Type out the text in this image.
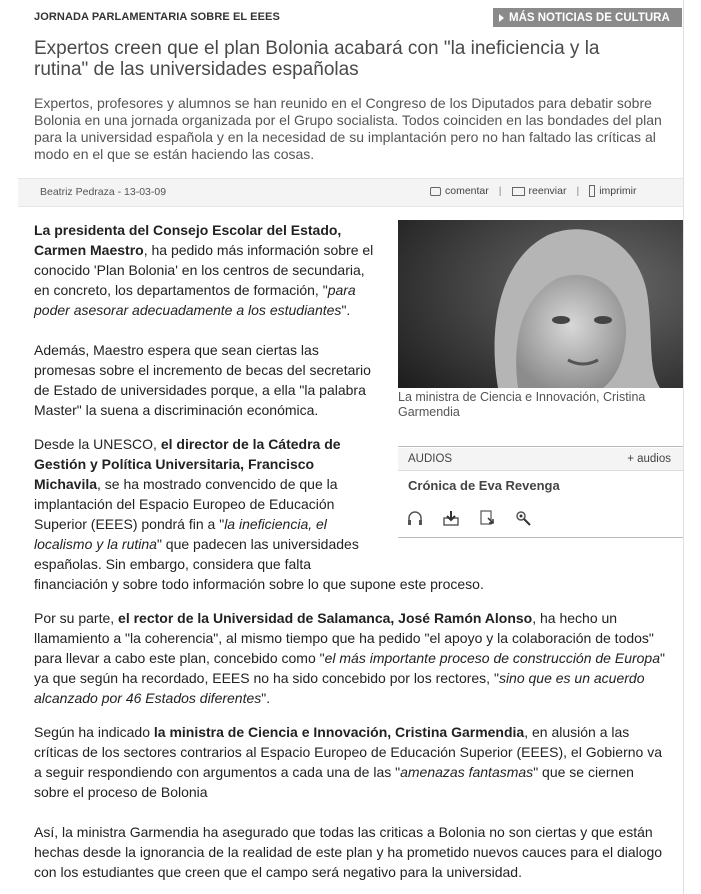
JORNADA PARLAMENTARIA SOBRE EL EEES	MÁS NOTICIAS DE CULTURA
Expertos creen que el plan Bolonia acabará con "la ineficiencia y la rutina" de las universidades españolas
Expertos, profesores y alumnos se han reunido en el Congreso de los Diputados para debatir sobre Bolonia en una jornada organizada por el Grupo socialista. Todos coinciden en las bondades del plan para la universidad española y en la necesidad de su implantación pero no han faltado las críticas al modo en el que se están haciendo las cosas.
Beatriz Pedraza - 13-03-09	comentar |	reenviar | imprimir
La presidenta del Consejo Escolar del Estado,
Carmen Maestro, ha pedido más información sobre el
conocido 'Plan Bolonia' en los centros de secundaria,
en concreto, los departamentos de formación, "para
poder asesorar adecuadamente a los estudiantes".
Además, Maestro espera que sean ciertas las
promesas sobre el incremento de becas del secretario
de Estado de universidades porque, a ella "la palabra
Master" la suena a discriminación económica.
Desde la UNESCO, el director de la Cátedra de
Gestión y Política Universitaria, Francisco
Michavila, se ha mostrado convencido de que la
implantación del Espacio Europeo de Educación
Superior (EEES) pondrá fin a "la ineficiencia, el
localismo y la rutina" que padecen las universidades
españolas. Sin embargo, considera que falta
financiación y sobre todo información sobre lo que supone este proceso.
Por su parte, el rector de la Universidad de Salamanca, José Ramón Alonso, ha hecho un
llamamiento a "la coherencia", al mismo tiempo que ha pedido "el apoyo y la colaboración de todos"
para llevar a cabo este plan, concebido como "el más importante proceso de construcción de Europa"
ya que según ha recordado, EEES no ha sido concebido por los rectores, "sino que es un acuerdo
alcanzado por 46 Estados diferentes".
Según ha indicado la ministra de Ciencia e Innovación, Cristina Garmendia, en alusión a las
críticas de los sectores contrarios al Espacio Europeo de Educación Superior (EEES), el Gobierno va
a seguir respondiendo con argumentos a cada una de las "amenazas fantasmas" que se ciernen
sobre el proceso de Bolonia
Así, la ministra Garmendia ha asegurado que todas las criticas a Bolonia no son ciertas y que están
hechas desde la ignorancia de la realidad de este plan y ha prometido nuevos cauces para el dialogo
con los estudiantes que creen que el campo será negativo para la universidad.
La ministra de Ciencia e Innovación, Cristina Garmendia
AUDIOS	+ audios
Crónica de Eva Revenga
